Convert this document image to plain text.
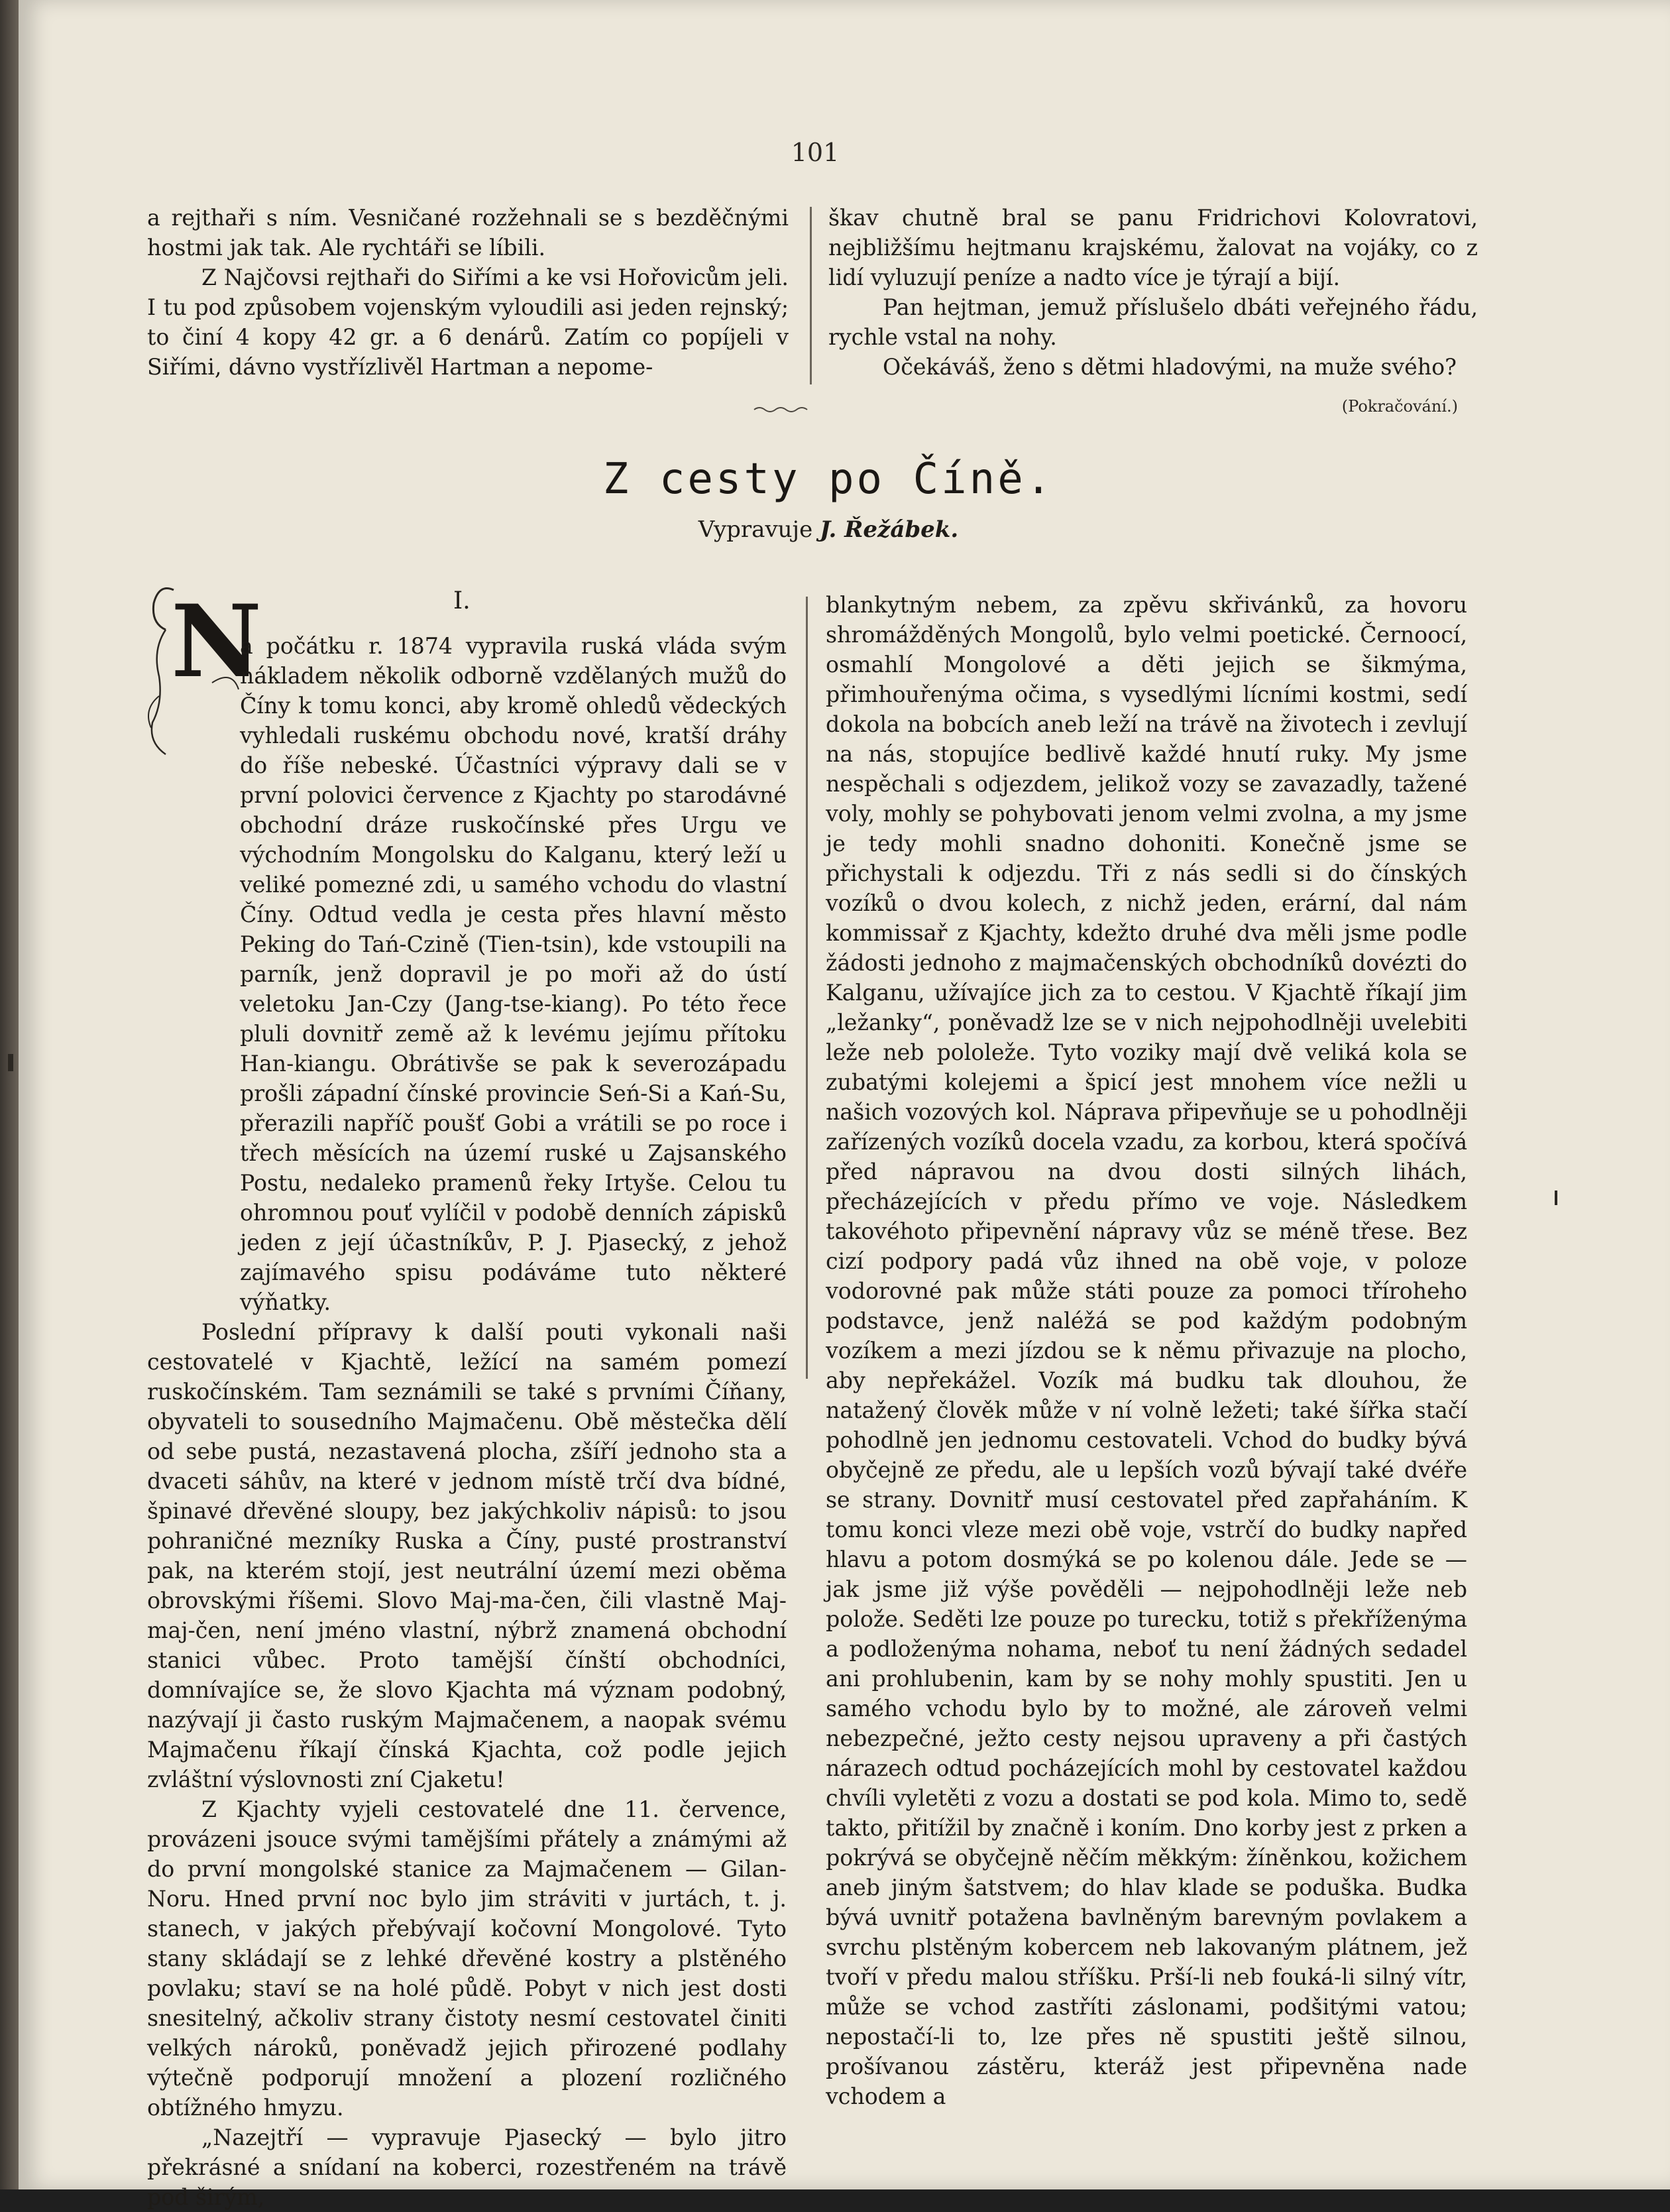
101

a rejthaři s ním. Vesničané rozžehnali se s bezděčnými hostmi jak tak. Ale rychtáři se líbili.

Z Najčovsi rejthaři do Siřími a ke vsi Hořovicům jeli. I tu pod způsobem vojenským vyloudili asi jeden rejnský; to činí 4 kopy 42 gr. a 6 denárů. Zatím co popíjeli v Siřími, dávno vystřízlivěl Hartman a nepome-

škav chutně bral se panu Fridrichovi Kolovratovi, nejbližšímu hejtmanu krajskému, žalovat na vojáky, co z lidí vyluzují peníze a nadto více je týrají a bijí.

Pan hejtman, jemuž příslušelo dbáti veřejného řádu, rychle vstal na nohy.

Očekáváš, ženo s dětmi hladovými, na muže svého?

(Pokračování.)
Z cesty po Číně.
Vypravuje J. Řežábek.
I.
N

a počátku r. 1874 vypravila ruská vláda svým nákladem několik odborně vzdělaných mužů do Číny k tomu konci, aby kromě ohledů vědeckých vyhledali ruskému obchodu nové, kratší dráhy do říše nebeské. Účastníci výpravy dali se v první polovici července z Kjachty po starodávné obchodní dráze ruskočínské přes Urgu ve východním Mongolsku do Kalganu, který leží u veliké pomezné zdi, u samého vchodu do vlastní Číny. Odtud vedla je cesta přes hlavní město Peking do Tań-Czině (Tien-tsin), kde vstoupili na parník, jenž dopravil je po moři až do ústí veletoku Jan-Czy (Jang-tse-kiang). Po této řece pluli dovnitř země až k levému jejímu přítoku Han-kiangu. Obrátivše se pak k severozápadu prošli západní čínské provincie Seń-Si a Kań-Su, přerazili napříč poušť Gobi a vrátili se po roce i třech měsících na území ruské u Zajsanského Postu, nedaleko pramenů řeky Irtyše. Celou tu ohromnou pouť vylíčil v podobě denních zápisků jeden z její účastníkův, P. J. Pjasecký, z jehož zajímavého spisu podáváme tuto některé výňatky.

Poslední přípravy k další pouti vykonali naši cestovatelé v Kjachtě, ležící na samém pomezí ruskočínském. Tam seznámili se také s prvními Číňany, obyvateli to sousedního Majmačenu. Obě městečka dělí od sebe pustá, nezastavená plocha, zšíří jednoho sta a dvaceti sáhův, na které v jednom místě trčí dva bídné, špinavé dřevěné sloupy, bez jakýchkoliv nápisů: to jsou pohraničné mezníky Ruska a Číny, pusté prostranství pak, na kterém stojí, jest neutrální území mezi oběma obrovskými říšemi. Slovo Maj-ma-čen, čili vlastně Maj-maj-čen, není jméno vlastní, nýbrž znamená obchodní stanici vůbec. Proto tamější čínští obchodníci, domnívajíce se, že slovo Kjachta má význam podobný, nazývají ji často ruským Majmačenem, a naopak svému Majmačenu říkají čínská Kjachta, což podle jejich zvláštní výslovnosti zní Cjaketu!

Z Kjachty vyjeli cestovatelé dne 11. července, provázeni jsouce svými tamějšími přátely a známými až do první mongolské stanice za Majmačenem — Gilan-Noru. Hned první noc bylo jim stráviti v jurtách, t. j. stanech, v jakých přebývají kočovní Mongolové. Tyto stany skládají se z lehké dřevěné kostry a plstěného povlaku; staví se na holé půdě. Pobyt v nich jest dosti snesitelný, ačkoliv strany čistoty nesmí cestovatel činiti velkých nároků, poněvadž jejich přirozené podlahy výtečně podporují množení a plození rozličného obtížného hmyzu.

„Nazejtří — vypravuje Pjasecký — bylo jitro překrásné a snídaní na koberci, rozestřeném na trávě pod širým,

blankytným nebem, za zpěvu skřivánků, za hovoru shromážděných Mongolů, bylo velmi poetické. Černoocí, osmahlí Mongolové a děti jejich se šikmýma, přimhouřenýma očima, s vysedlými lícními kostmi, sedí dokola na bobcích aneb leží na trávě na životech i zevlují na nás, stopujíce bedlivě každé hnutí ruky. My jsme nespěchali s odjezdem, jelikož vozy se zavazadly, tažené voly, mohly se pohybovati jenom velmi zvolna, a my jsme je tedy mohli snadno dohoniti. Konečně jsme se přichystali k odjezdu. Tři z nás sedli si do čínských vozíků o dvou kolech, z nichž jeden, erární, dal nám kommissař z Kjachty, kdežto druhé dva měli jsme podle žádosti jednoho z majmačenských obchodníků dovézti do Kalganu, užívajíce jich za to cestou. V Kjachtě říkají jim „ležanky“, poněvadž lze se v nich nejpohodlněji uvelebiti leže neb pololeže. Tyto voziky mají dvě veliká kola se zubatými kolejemi a špicí jest mnohem více nežli u našich vozových kol. Náprava připevňuje se u pohodlněji zařízených vozíků docela vzadu, za korbou, která spočívá před nápravou na dvou dosti silných lihách, přecházejících v předu přímo ve voje. Následkem takovéhoto připevnění nápravy vůz se méně třese. Bez cizí podpory padá vůz ihned na obě voje, v poloze vodorovné pak může státi pouze za pomoci tříroheho podstavce, jenž naléžá se pod každým podobným vozíkem a mezi jízdou se k němu přivazuje na plocho, aby nepřekážel. Vozík má budku tak dlouhou, že natažený člověk může v ní volně ležeti; také šířka stačí pohodlně jen jednomu cestovateli. Vchod do budky bývá obyčejně ze předu, ale u lepších vozů bývají také dvéře se strany. Dovnitř musí cestovatel před zapřaháním. K tomu konci vleze mezi obě voje, vstrčí do budky napřed hlavu a potom dosmýká se po kolenou dále. Jede se — jak jsme již výše pověděli — nejpohodlněji leže neb polože. Seděti lze pouze po turecku, totiž s překříženýma a podloženýma nohama, neboť tu není žádných sedadel ani prohlubenin, kam by se nohy mohly spustiti. Jen u samého vchodu bylo by to možné, ale zároveň velmi nebezpečné, ježto cesty nejsou upraveny a při častých nárazech odtud pocházejících mohl by cestovatel každou chvíli vyletěti z vozu a dostati se pod kola. Mimo to, sedě takto, přitížil by značně i koním. Dno korby jest z prken a pokrývá se obyčejně něčím měkkým: žíněnkou, kožichem aneb jiným šatstvem; do hlav klade se poduška. Budka bývá uvnitř potažena bavlněným barevným povlakem a svrchu plstěným kobercem neb lakovaným plátnem, jež tvoří v předu malou stříšku. Prší-li neb fouká-li silný vítr, může se vchod zastříti záslonami, podšitými vatou; nepostačí-li to, lze přes ně spustiti ještě silnou, prošívanou zástěru, kteráž jest připevněna nade vchodem a
